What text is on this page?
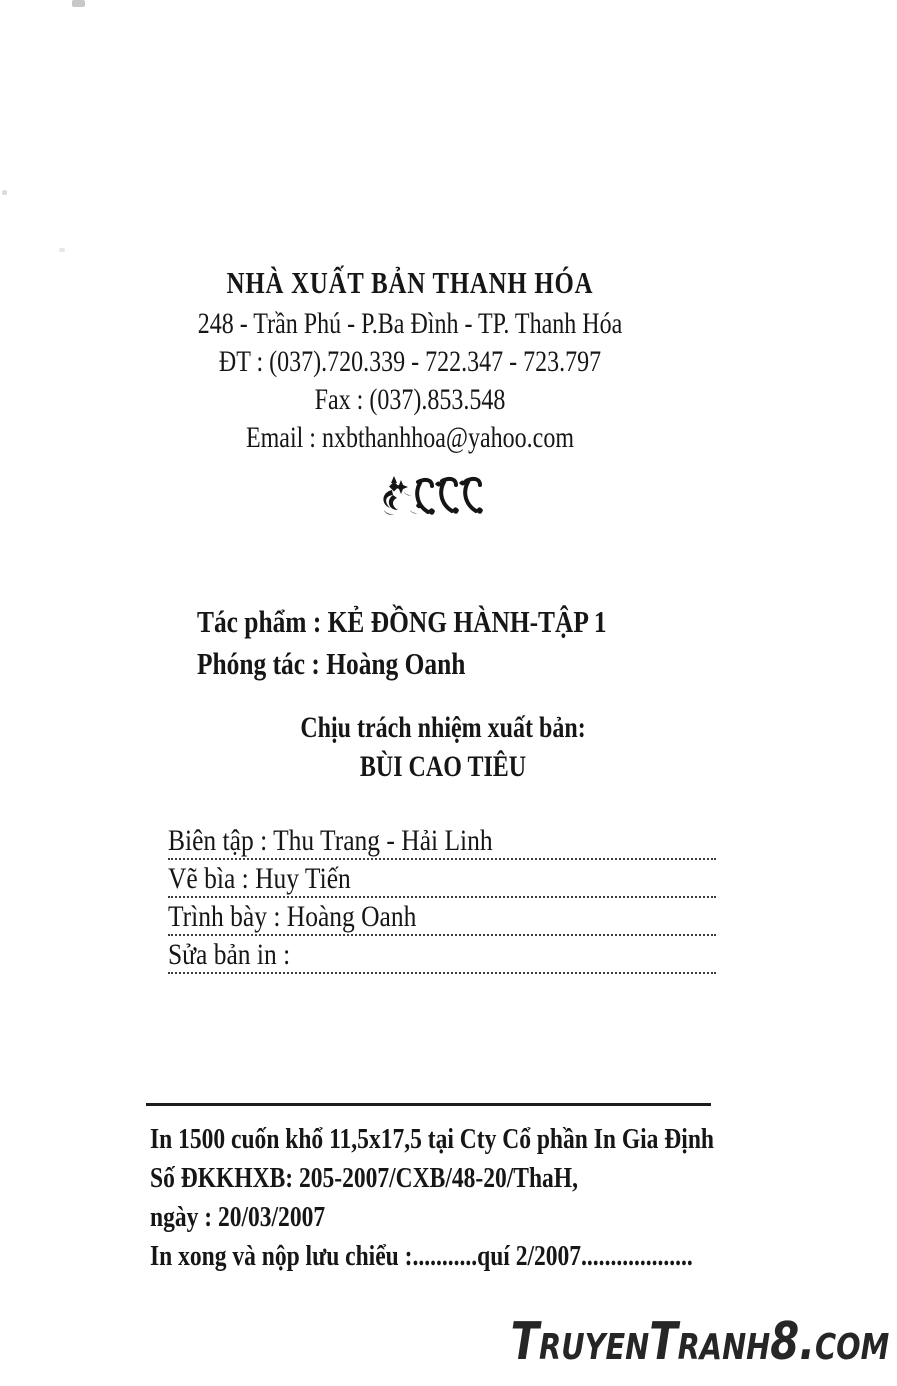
NHÀ XUẤT BẢN THANH HÓA
248 - Trần Phú - P.Ba Đình - TP. Thanh Hóa
ĐT : (037).720.339 - 722.347 - 723.797
Fax : (037).853.548
Email : nxbthanhhoa@yahoo.com
Tác phẩm : KẺ ĐỒNG HÀNH-TẬP 1
Phóng tác : Hoàng Oanh
Chịu trách nhiệm xuất bản:
BÙI CAO TIÊU
Biên tập : Thu Trang - Hải Linh
Vẽ bìa : Huy Tiến
Trình bày : Hoàng Oanh
Sửa bản in :
In 1500 cuốn khổ 11,5x17,5 tại Cty Cổ phần In Gia Định
Số ĐKKHXB: 205-2007/CXB/48-20/ThaH,
ngày : 20/03/2007
In xong và nộp lưu chiểu :...........quí 2/2007...................
TruyenTranh8.com
